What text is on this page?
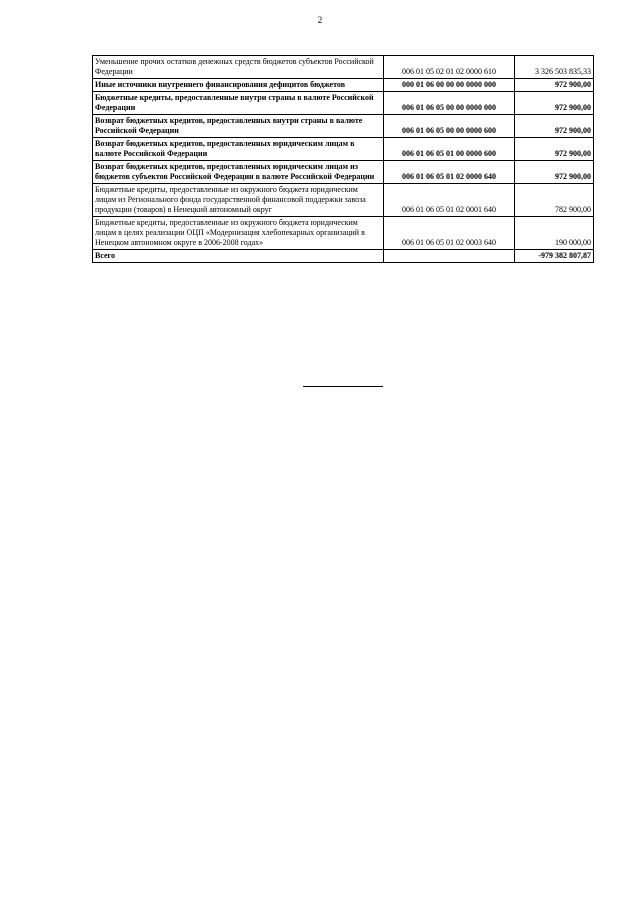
2
Уменьшение прочих остатков денежных средств бюджетов субъектов Российской Федерации	006 01 05 02 01 02 0000 610	3 326 503 835,33
Иные источники внутреннего финансирования дефицитов бюджетов	000 01 06 00 00 00 0000 000	972 900,00
Бюджетные кредиты, предоставленные внутри страны в валюте Российской Федерации	006 01 06 05 00 00 0000 000	972 900,00
Возврат бюджетных кредитов, предоставленных внутри страны в валюте Российской Федерации	006 01 06 05 00 00 0000 600	972 900,00
Возврат бюджетных кредитов, предоставленных юридическим лицам в валюте Российской Федерации	006 01 06 05 01 00 0000 600	972 900,00
Возврат бюджетных кредитов, предоставленных юридическим лицам из бюджетов субъектов Российской Федерации в валюте Российской Федерации	006 01 06 05 01 02 0000 640	972 900,00
Бюджетные кредиты, предоставленные из окружного бюджета юридическим лицам из Регионального фонда государственной финансовой поддержки завоза продукции (товаров) в Ненецкий автономный округ	006 01 06 05 01 02 0001 640	782 900,00
Бюджетные кредиты, предоставленные из окружного бюджета юридическим лицам в целях реализации ОЦП «Модернизация хлебопекарных организаций в Ненецком автономном округе в 2006-2008 годах»	006 01 06 05 01 02 0003 640	190 000,00
Всего		-979 382 807,87
